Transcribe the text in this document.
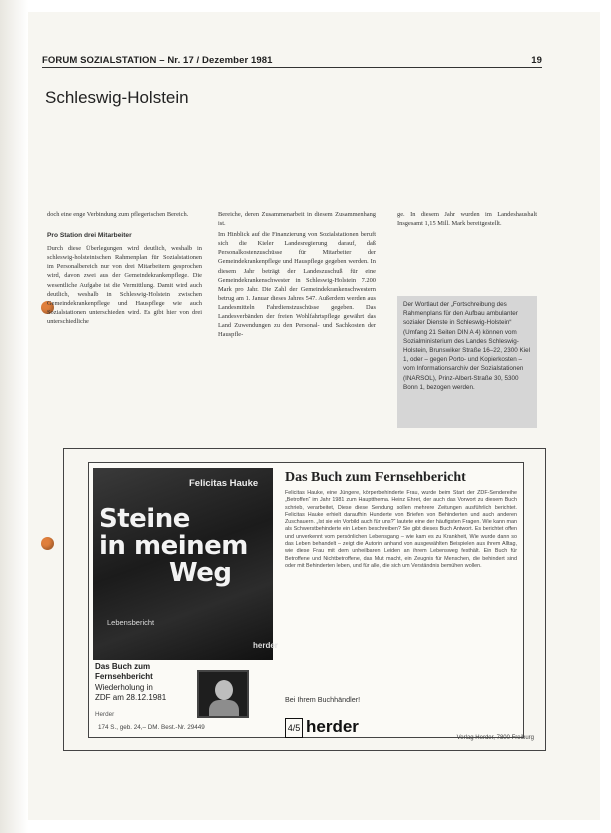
FORUM SOZIALSTATION – Nr. 17 / Dezember 1981	19
Schleswig-Holstein

doch eine enge Verbindung zum pflegerischen Bereich.

Pro Station drei Mitarbeiter

Durch diese Überlegungen wird deutlich, weshalb in schleswig-holsteinischen Rahmenplan für Sozialstationen im Personalbereich nur von drei Mitarbeitern gesprochen wird, davon zwei aus der Gemeindekrankenpflege. Die wesentliche Aufgabe ist die Vermittlung. Damit wird auch deutlich, weshalb in Schleswig-Holstein zwischen Gemeindekrankenpflege und Hauspflege wie auch Sozialstationen unterschieden wird. Es gibt hier von drei unterschiedliche

Bereiche, deren Zusammenarbeit in diesem Zusammenhang ist.

Im Hinblick auf die Finanzierung von Sozialstationen beruft sich die Kieler Landesregierung darauf, daß Personalkostenzuschüsse für Mitarbeiter der Gemeindekrankenpflege und Hauspflege gegeben werden. In diesem Jahr beträgt der Landeszuschuß für eine Gemeindekrankenschwester in Schleswig-Holstein 7.200 Mark pro Jahr. Die Zahl der Gemeindekrankenschwestern betrug am 1. Januar dieses Jahres 547. Außerdem werden aus Landesmitteln Fahrdienstzuschüsse gegeben. Das Landesverbänden der freien Wohlfahrtspflege gewährt das Land Zuwendungen zu den Personal- und Sachkosten der Hauspfle-

ge. In diesem Jahr wurden im Landeshaushalt Insgesamt 1,15 Mill. Mark bereitgestellt.

Der Wortlaut der „Fortschreibung des Rahmenplans für den Aufbau ambulanter sozialer Dienste in Schleswig-Holstein“ (Umfang 21 Seiten DIN A 4) können vom Sozialministerium des Landes Schleswig-Holstein, Brunswiker Straße 16–22, 2300 Kiel 1, oder – gegen Porto- und Kopierkosten – vom Informationsarchiv der Sozialstationen (INARSOL), Prinz-Albert-Straße 30, 5300 Bonn 1, bezogen werden.
Felicitas Hauke
Steine
in meinem
Weg
Lebensbericht
herder
Das Buch zum
Fernsehbericht
Wiederholung in
ZDF am 28.12.1981
Herder
174 S., geb. 24,– DM. Best.-Nr. 29449
Das Buch zum Fernsehbericht
Felicitas Hauke, eine Jüngere, körperbehinderte Frau, wurde beim Start der ZDF-Sendereihe „Betroffen“ im Jahr 1981 zum Hauptthema. Heinz Ehret, der auch das Vorwort zu diesem Buch schrieb, verarbeitet, Diese diese Sendung sollen mehrere Zeitungen ausführlich berichtet. Felicitas Hauke erhielt daraufhin Hunderte von Briefen von Behinderten und auch anderen Zuschauern. „Ist sie ein Vorbild auch für uns?“ lautete eine der häufigsten Fragen. Wie kann man als Schwerstbehinderte ein Leben beschreiben? Sie gibt dieses Buch Antwort. Es berichtet offen und unverkennt vom persönlichen Lebensgang – wie kam es zu Krankheit, Wie wurde dann so das Leben behandelt – zeigt die Autorin anhand von ausgewählten Beispielen aus ihrem Alltag, wie diese Frau mit dem unheilbaren Leiden an ihrem Lebensweg festhält. Ein Buch für Betroffene und Nichtbetroffene, das Mut macht, ein Zeugnis für Menschen, die behindert sind oder mit Behinderten leben, und für alle, die sich um Verständnis bemühen wollen.
Bei Ihrem Buchhändler!
4/5 herder
Verlag Herder, 7800 Freiburg
